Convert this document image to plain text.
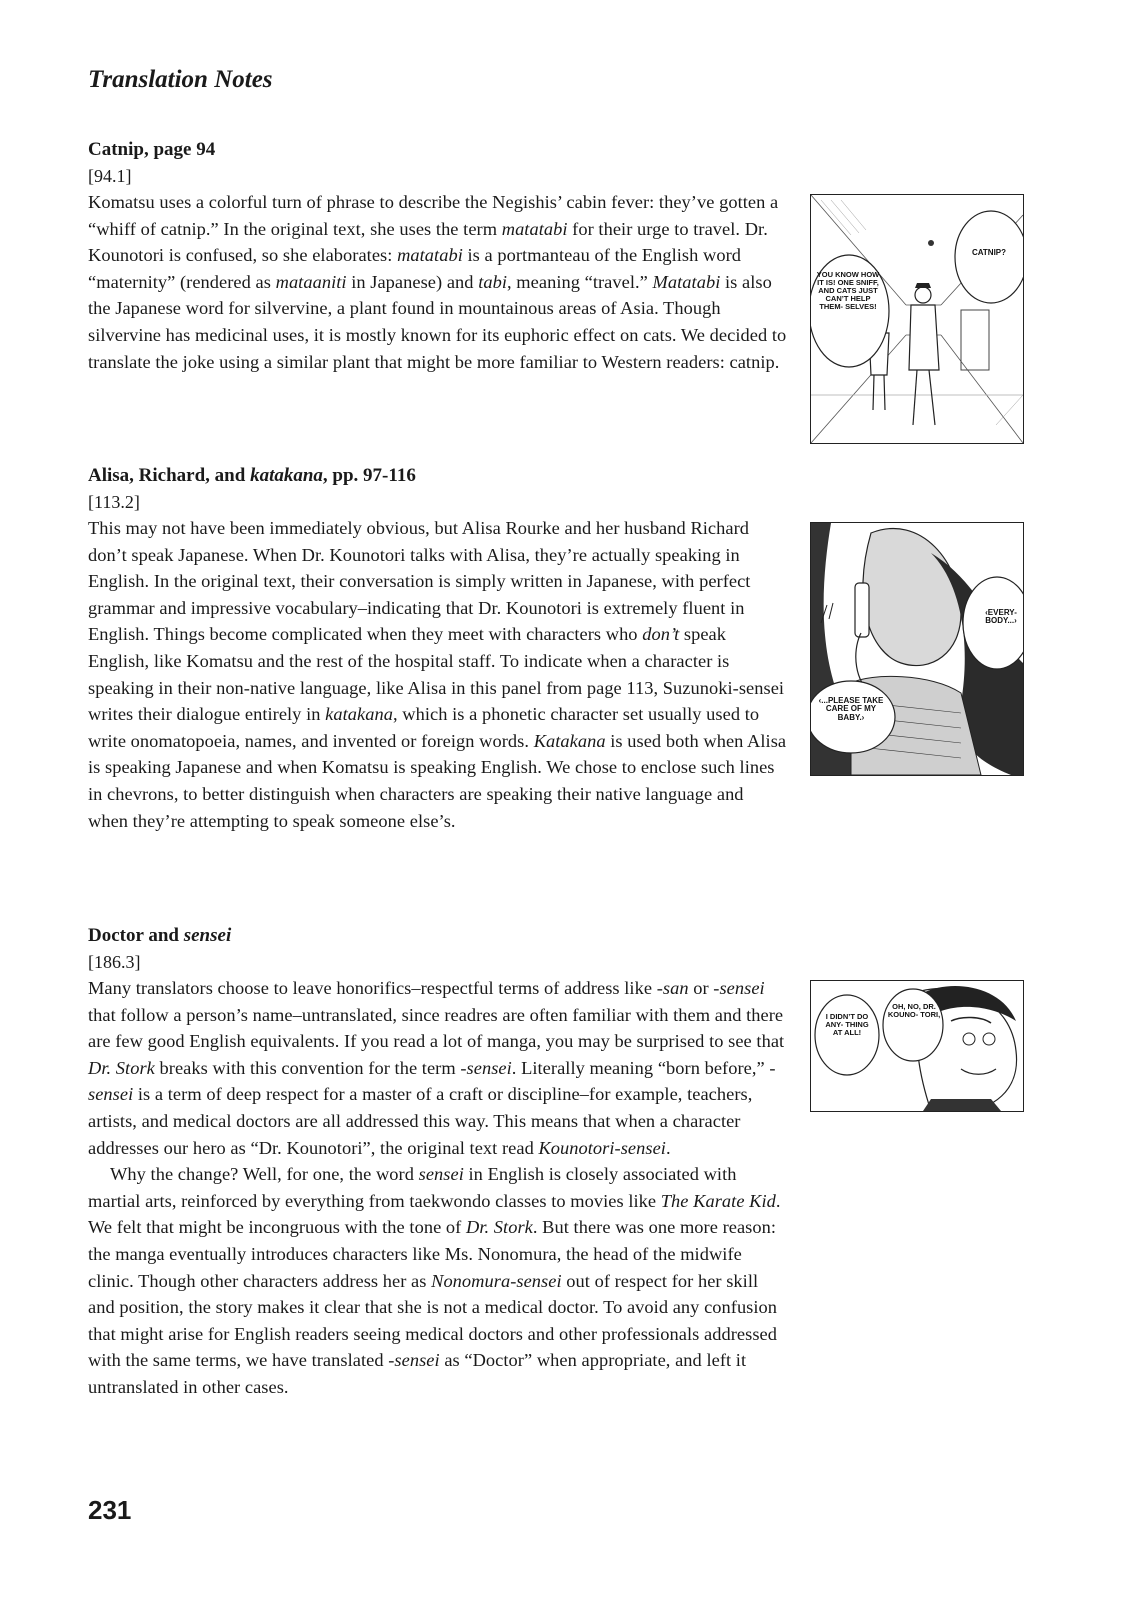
Translation Notes
Catnip, page 94
[94.1]

Komatsu uses a colorful turn of phrase to describe the Negishis’ cabin fever: they’ve gotten a “whiff of catnip.” In the original text, she uses the term matatabi for their urge to travel. Dr. Kounotori is confused, so she elaborates: matatabi is a portmanteau of the English word “maternity” (rendered as mataaniti in Japanese) and tabi, meaning “travel.” Matatabi is also the Japanese word for silvervine, a plant found in mountainous areas of Asia. Though silvervine has medicinal uses, it is mostly known for its euphoric effect on cats. We decided to translate the joke using a similar plant that might be more familiar to Western readers: catnip.

Alisa, Richard, and katakana, pp. 97-116
[113.2]

This may not have been immediately obvious, but Alisa Rourke and her husband Richard don’t speak Japanese. When Dr. Kounotori talks with Alisa, they’re actually speaking in English. In the original text, their conversation is simply written in Japanese, with perfect grammar and impressive vocabulary–indicating that Dr. Kounotori is extremely fluent in English. Things become complicated when they meet with characters who don’t speak English, like Komatsu and the rest of the hospital staff. To indicate when a character is speaking in their non-native language, like Alisa in this panel from page 113, Suzunoki-sensei writes their dialogue entirely in katakana, which is a phonetic character set usually used to write onomatopoeia, names, and invented or foreign words. Katakana is used both when Alisa is speaking Japanese and when Komatsu is speaking English. We chose to enclose such lines in chevrons, to better distinguish when characters are speaking their native language and when they’re attempting to speak someone else’s.

Doctor and sensei
[186.3]

Many translators choose to leave honorifics–respectful terms of address like -san or -sensei that follow a person’s name–untranslated, since readres are often familiar with them and there are few good English equivalents. If you read a lot of manga, you may be surprised to see that Dr. Stork breaks with this convention for the term -sensei. Literally meaning “born before,” -sensei is a term of deep respect for a master of a craft or discipline–for example, teachers, artists, and medical doctors are all addressed this way. This means that when a character addresses our hero as “Dr. Kounotori”, the original text read Kounotori-sensei.

Why the change? Well, for one, the word sensei in English is closely associated with martial arts, reinforced by everything from taekwondo classes to movies like The Karate Kid. We felt that might be incongruous with the tone of Dr. Stork. But there was one more reason: the manga eventually introduces characters like Ms. Nonomura, the head of the midwife clinic. Though other characters address her as Nonomura-sensei out of respect for her skill and position, the story makes it clear that she is not a medical doctor. To avoid any confusion that might arise for English readers seeing medical doctors and other professionals addressed with the same terms, we have translated -sensei as “Doctor” when appropriate, and left it untranslated in other cases.

YOU KNOW HOW IT IS! ONE SNIFF, AND CATS JUST CAN’T HELP THEM- SELVES!
CATNIP?
‹EVERY- BODY...›
‹...PLEASE TAKE CARE OF MY BABY.›
I DIDN’T DO ANY- THING AT ALL!
OH, NO, DR. KOUNO- TORI,
231
